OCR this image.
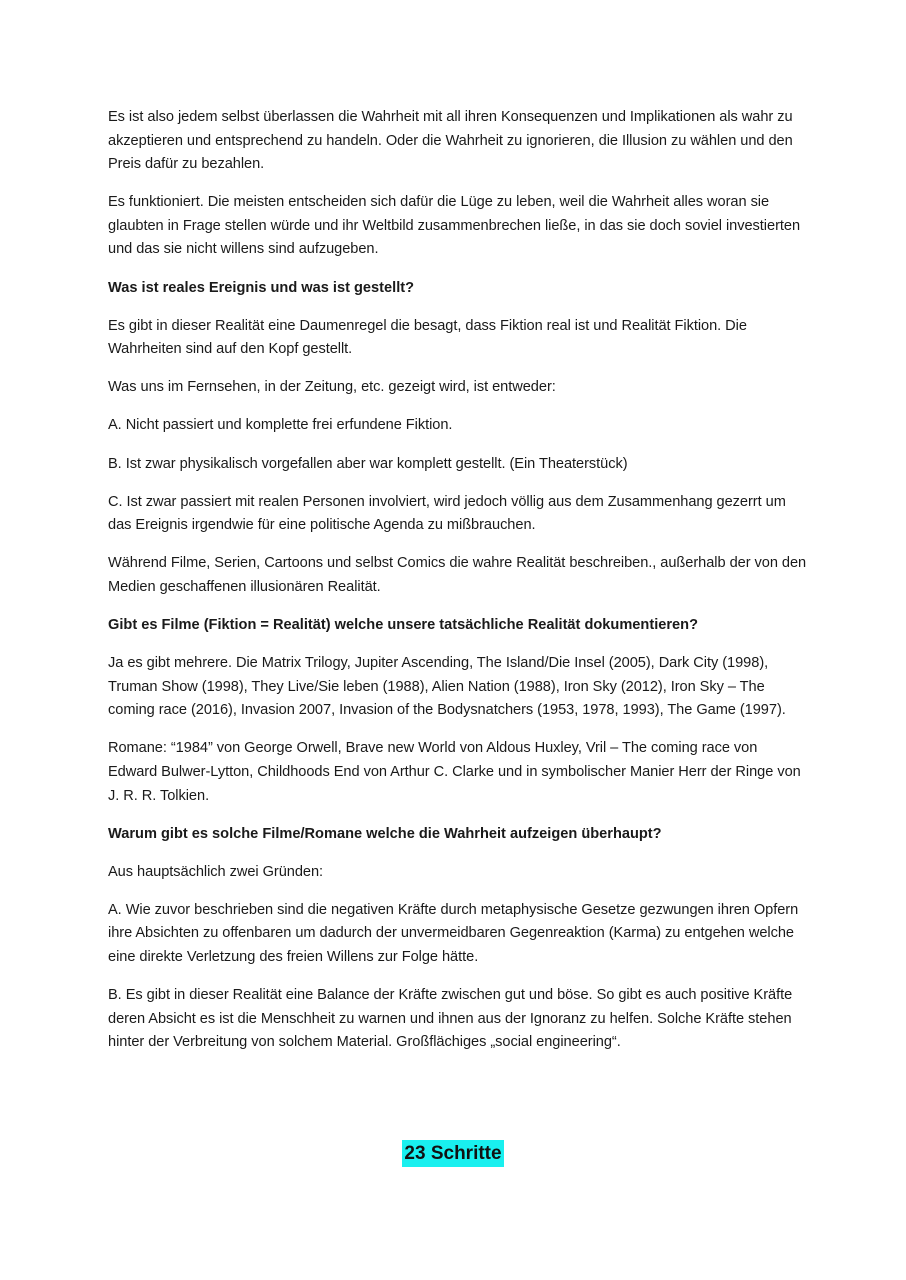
Es ist also jedem selbst überlassen die Wahrheit mit all ihren Konsequenzen und Implikationen als wahr zu akzeptieren und entsprechend zu handeln. Oder die Wahrheit zu ignorieren, die Illusion zu wählen und den Preis dafür zu bezahlen.

Es funktioniert. Die meisten entscheiden sich dafür die Lüge zu leben, weil die Wahrheit alles woran sie glaubten in Frage stellen würde und ihr Weltbild zusammenbrechen ließe, in das sie doch soviel investierten und das sie nicht willens sind aufzugeben.

Was ist reales Ereignis und was ist gestellt?

Es gibt in dieser Realität eine Daumenregel die besagt, dass Fiktion real ist und Realität Fiktion. Die Wahrheiten sind auf den Kopf gestellt.

Was uns im Fernsehen, in der Zeitung, etc. gezeigt wird, ist entweder:

A. Nicht passiert und komplette frei erfundene Fiktion.

B. Ist zwar physikalisch vorgefallen aber war komplett gestellt. (Ein Theaterstück)

C. Ist zwar passiert mit realen Personen involviert, wird jedoch völlig aus dem Zusammenhang gezerrt um das Ereignis irgendwie für eine politische Agenda zu mißbrauchen.

Während Filme, Serien, Cartoons und selbst Comics die wahre Realität beschreiben., außerhalb der von den Medien geschaffenen illusionären Realität.

Gibt es Filme (Fiktion = Realität) welche unsere tatsächliche Realität dokumentieren?

Ja es gibt mehrere. Die Matrix Trilogy, Jupiter Ascending, The Island/Die Insel (2005), Dark City (1998), Truman Show (1998), They Live/Sie leben (1988), Alien Nation (1988), Iron Sky (2012), Iron Sky – The coming race (2016), Invasion 2007, Invasion of the Bodysnatchers (1953, 1978, 1993), The Game (1997).

Romane: “1984” von George Orwell, Brave new World von Aldous Huxley, Vril – The coming race von Edward Bulwer-Lytton, Childhoods End von Arthur C. Clarke und in symbolischer Manier Herr der Ringe von J. R. R. Tolkien.

Warum gibt es solche Filme/Romane welche die Wahrheit aufzeigen überhaupt?

Aus hauptsächlich zwei Gründen:

A. Wie zuvor beschrieben sind die negativen Kräfte durch metaphysische Gesetze gezwungen ihren Opfern ihre Absichten zu offenbaren um dadurch der unvermeidbaren Gegenreaktion (Karma) zu entgehen welche eine direkte Verletzung des freien Willens zur Folge hätte.

B. Es gibt in dieser Realität eine Balance der Kräfte zwischen gut und böse. So gibt es auch positive Kräfte deren Absicht es ist die Menschheit zu warnen und ihnen aus der Ignoranz zu helfen. Solche Kräfte stehen hinter der Verbreitung von solchem Material. Großflächiges „social engineering“.

23 Schritte
